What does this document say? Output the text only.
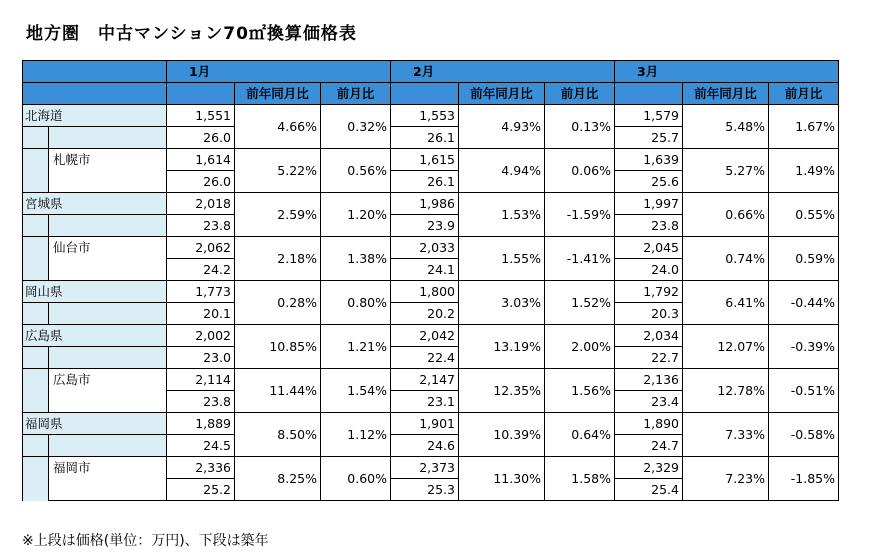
地方圏　中古マンション70㎡換算価格表
		1月			2月			3月		
			前年同月比	前月比		前年同月比	前月比		前年同月比	前月比
北海道		1,551	4.66%	0.32%	1,553	4.93%	0.13%	1,579	5.48%	1.67%
		26.0			26.1			25.7		
	札幌市	1,614	5.22%	0.56%	1,615	4.94%	0.06%	1,639	5.27%	1.49%
		26.0			26.1			25.6		
宮城県		2,018	2.59%	1.20%	1,986	1.53%	-1.59%	1,997	0.66%	0.55%
		23.8			23.9			23.8		
	仙台市	2,062	2.18%	1.38%	2,033	1.55%	-1.41%	2,045	0.74%	0.59%
		24.2			24.1			24.0		
岡山県		1,773	0.28%	0.80%	1,800	3.03%	1.52%	1,792	6.41%	-0.44%
		20.1			20.2			20.3		
広島県		2,002	10.85%	1.21%	2,042	13.19%	2.00%	2,034	12.07%	-0.39%
		23.0			22.4			22.7		
	広島市	2,114	11.44%	1.54%	2,147	12.35%	1.56%	2,136	12.78%	-0.51%
		23.8			23.1			23.4		
福岡県		1,889	8.50%	1.12%	1,901	10.39%	0.64%	1,890	7.33%	-0.58%
		24.5			24.6			24.7		
	福岡市	2,336	8.25%	0.60%	2,373	11.30%	1.58%	2,329	7.23%	-1.85%
		25.2			25.3			25.4		
※上段は価格(単位：万円)、下段は築年
